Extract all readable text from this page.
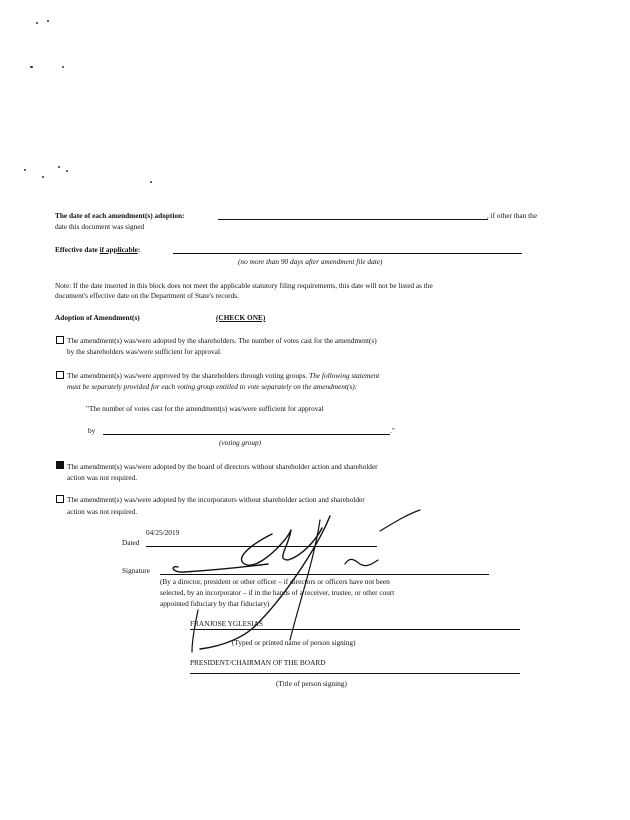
The date of each amendment(s) adoption:	, if other than the
date this document was signed
Effective date if applicable:
(no more than 90 days after amendment file date)
Note: If the date inserted in this block does not meet the applicable statutory filing requirements, this date will not be listed as the
document's effective date on the Department of State's records.
Adoption of Amendment(s)	(CHECK ONE)
The amendment(s) was/were adopted by the shareholders. The number of votes cast for the amendment(s)
by the shareholders was/were sufficient for approval.
The amendment(s) was/were approved by the shareholders through voting groups. The following statement
must be separately provided for each voting group entitled to vote separately on the amendment(s):
"The number of votes cast for the amendment(s) was/were sufficient for approval
by	."
(voting group)
The amendment(s) was/were adopted by the board of directors without shareholder action and shareholder
action was not required.
The amendment(s) was/were adopted by the incorporators without shareholder action and shareholder
action was not required.
04/25/2019
Dated
Signature
(By a director, president or other officer – if directors or officers have not been
selected, by an incorporator – if in the hands of a receiver, trustee, or other court
appointed fiduciary by that fiduciary)
FRANJOSE YGLESIAS
(Typed or printed name of person signing)
PRESIDENT/CHAIRMAN OF THE BOARD
(Title of person signing)
